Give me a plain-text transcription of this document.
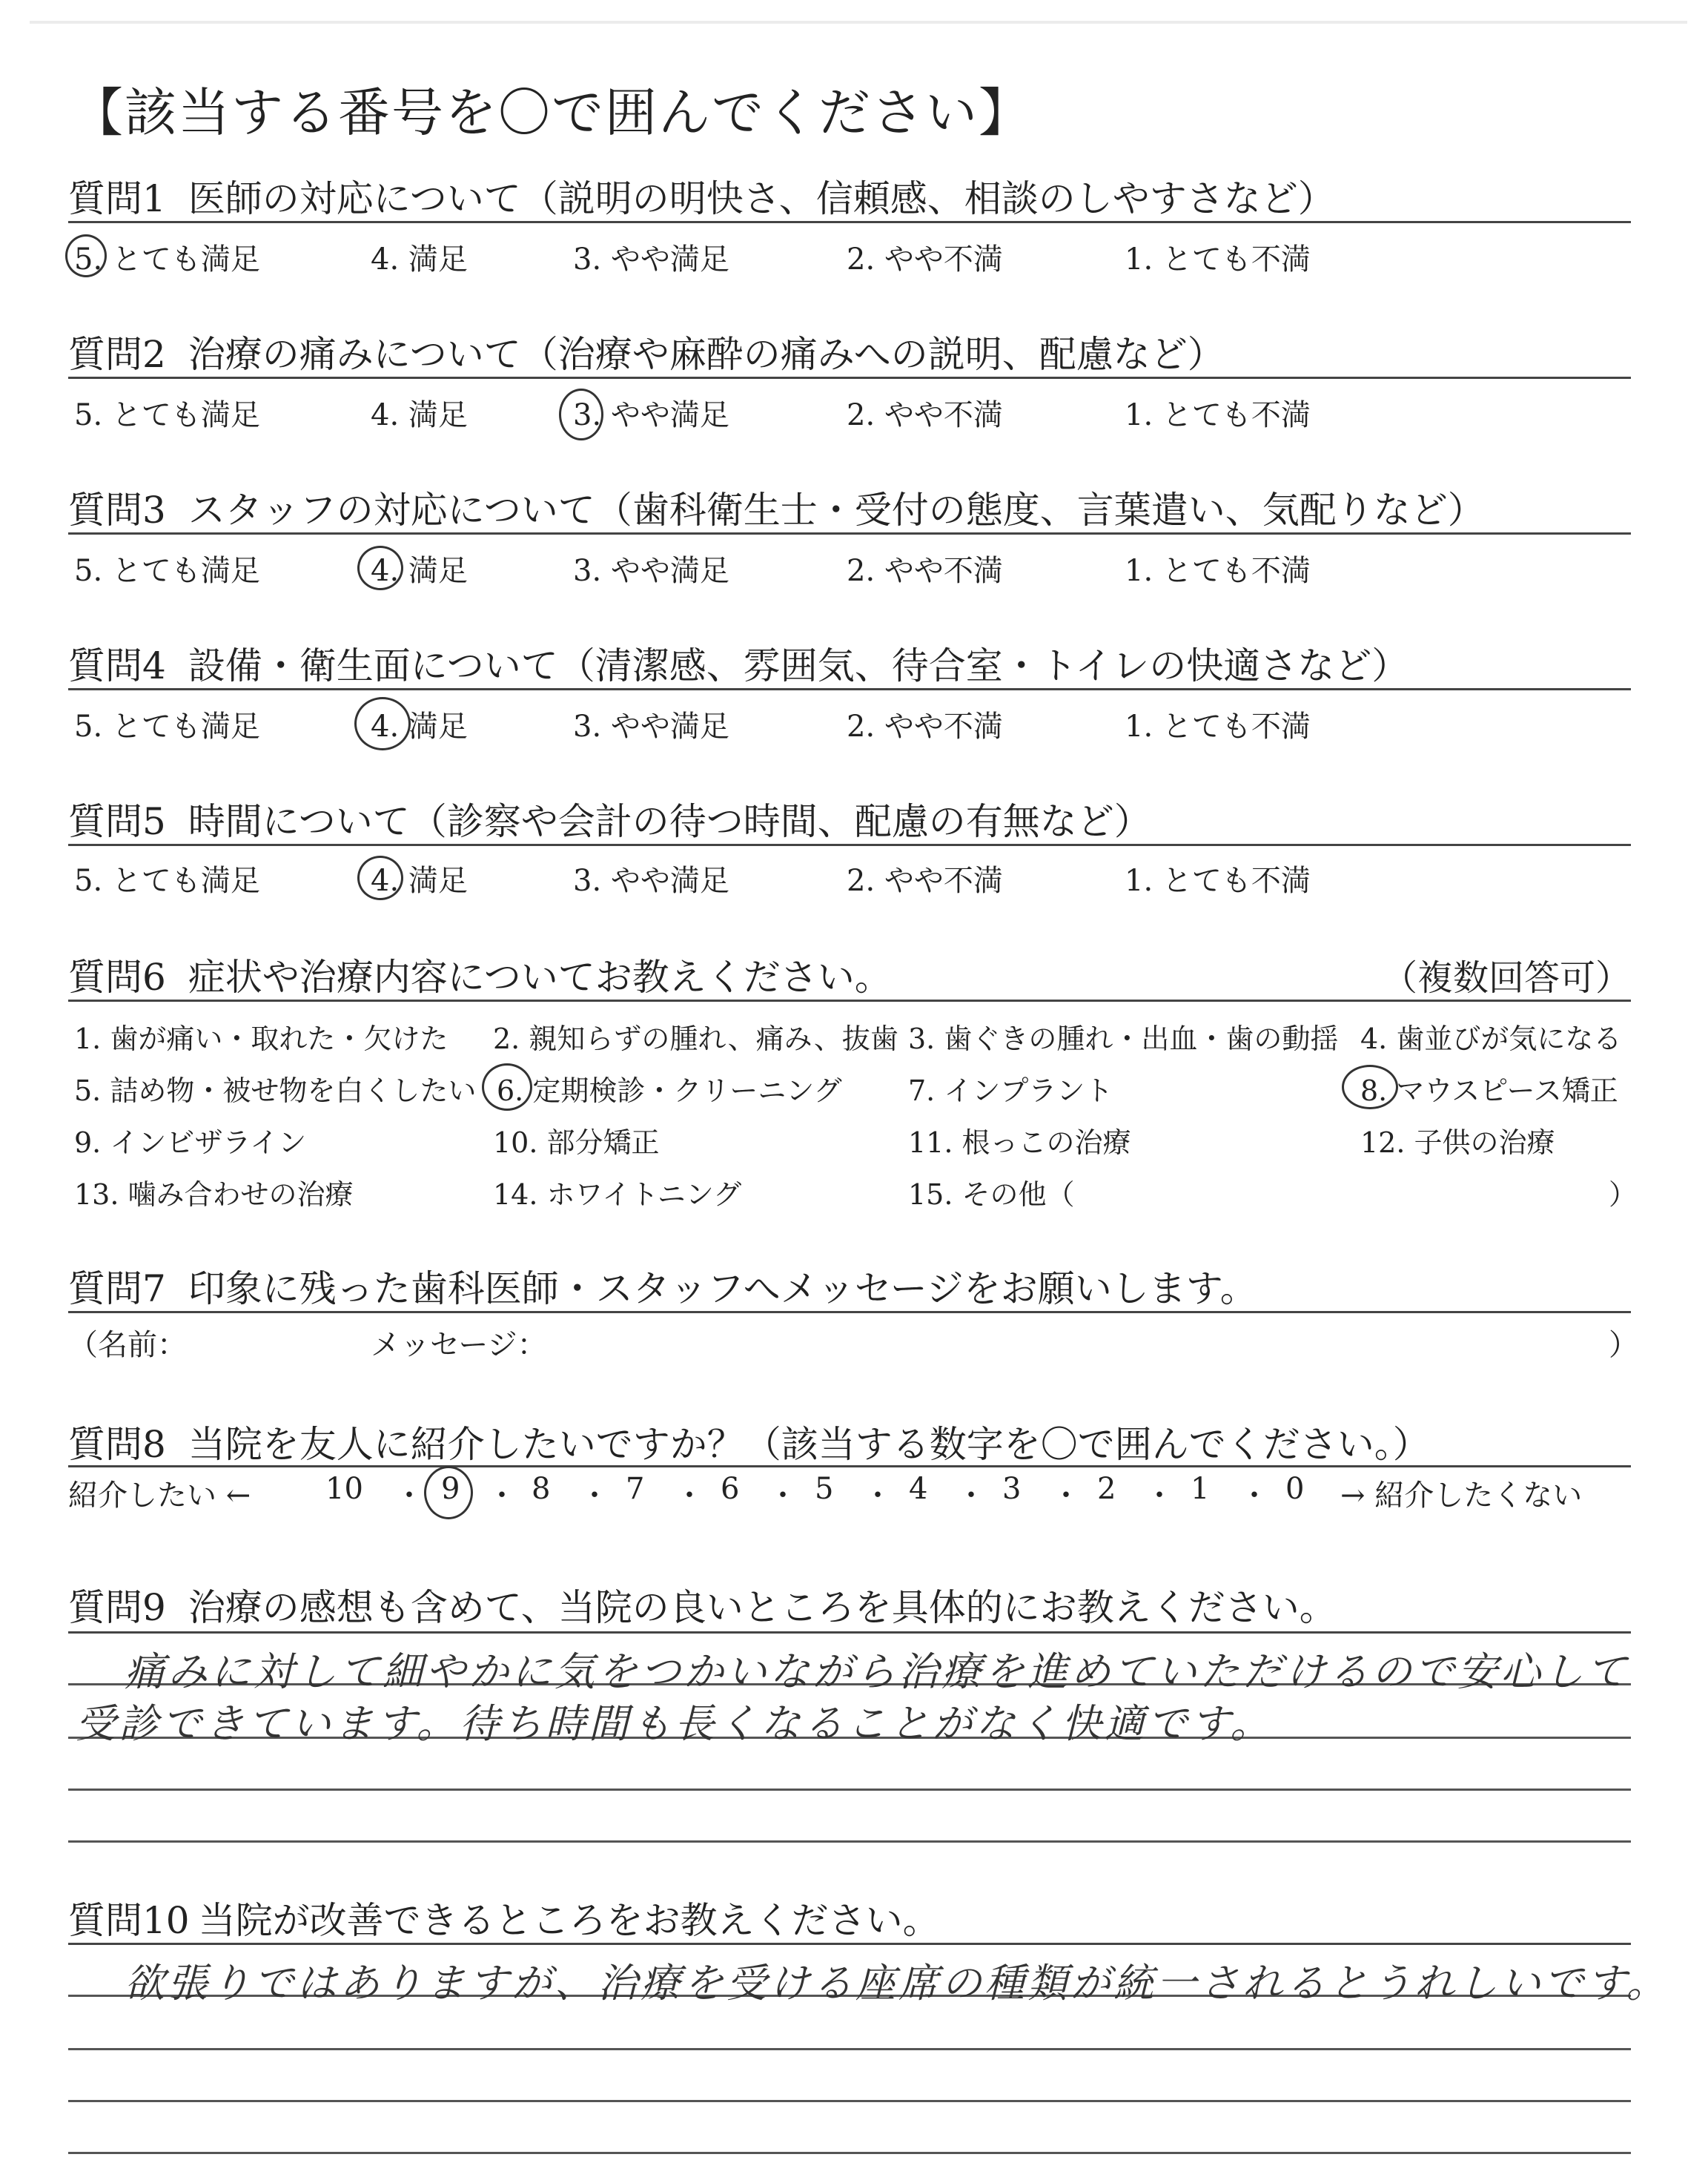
【該当する番号を〇で囲んでください】
質問1 医師の対応について（説明の明快さ、信頼感、相談のしやすさなど）
5. とても満足	4. 満足	3. やや満足	2. やや不満	1. とても不満
質問2 治療の痛みについて（治療や麻酔の痛みへの説明、配慮など）
5. とても満足	4. 満足	3. やや満足	2. やや不満	1. とても不満
質問3 スタッフの対応について（歯科衛生士・受付の態度、言葉遣い、気配りなど）
5. とても満足	4. 満足	3. やや満足	2. やや不満	1. とても不満
質問4 設備・衛生面について（清潔感、雰囲気、待合室・トイレの快適さなど）
5. とても満足	4. 満足	3. やや満足	2. やや不満	1. とても不満
質問5 時間について（診察や会計の待つ時間、配慮の有無など）
5. とても満足	4. 満足	3. やや満足	2. やや不満	1. とても不満
質問6 症状や治療内容についてお教えください。	（複数回答可）
1. 歯が痛い・取れた・欠けた 2. 親知らずの腫れ、痛み、抜歯 3. 歯ぐきの腫れ・出血・歯の動揺 4. 歯並びが気になる
5. 詰め物・被せ物を白くしたい 6. 定期検診・クリーニング 7. インプラント	8. マウスピース矯正
9. インビザライン	10. 部分矯正	11. 根っこの治療	12. 子供の治療
13. 噛み合わせの治療	14. ホワイトニング	15. その他（	）
質問7 印象に残った歯科医師・スタッフへメッセージをお願いします。
（名前：	メッセージ：	）
質問8 当院を友人に紹介したいですか？（該当する数字を〇で囲んでください。）
紹介したい ←	10 ・ 9 ・ 8 ・ 7 ・ 6 ・ 5 ・ 4 ・ 3 ・ 2 ・ 1 ・ 0 → 紹介したくない
質問9 治療の感想も含めて、当院の良いところを具体的にお教えください。
痛みに対して細やかに気をつかいながら治療を進めていただけるので安心して
受診できています。待ち時間も長くなることがなく快適です。
質問10 当院が改善できるところをお教えください。
欲張りではありますが、治療を受ける座席の種類が統一されるとうれしいです。
